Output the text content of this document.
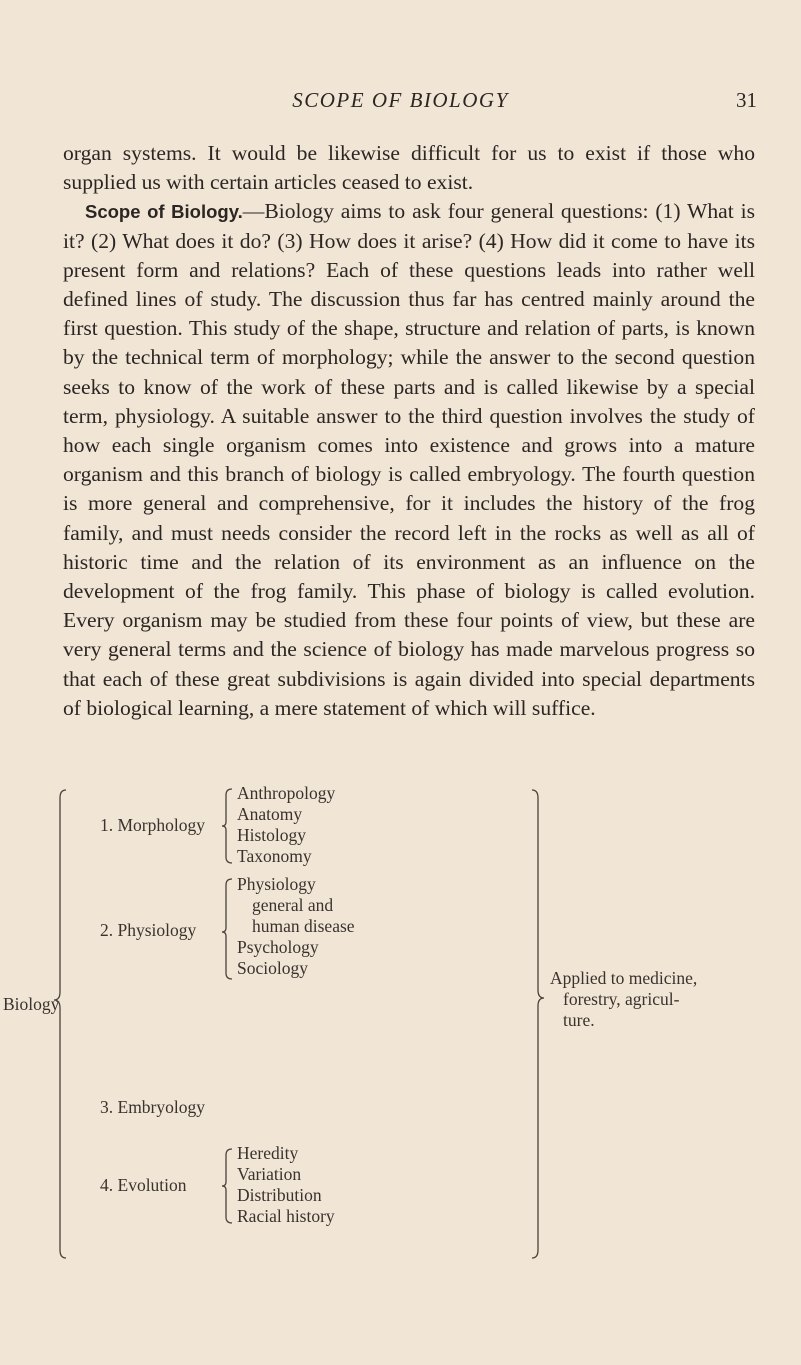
SCOPE OF BIOLOGY	31

organ systems. It would be likewise difficult for us to exist if those who supplied us with certain articles ceased to exist.

Scope of Biology.—Biology aims to ask four general questions: (1) What is it? (2) What does it do? (3) How does it arise? (4) How did it come to have its present form and relations? Each of these questions leads into rather well defined lines of study. The discussion thus far has centred mainly around the first question. This study of the shape, structure and relation of parts, is known by the technical term of morphology; while the answer to the second question seeks to know of the work of these parts and is called likewise by a special term, physiology. A suitable answer to the third question involves the study of how each single organism comes into existence and grows into a mature organism and this branch of biology is called embryology. The fourth question is more general and comprehensive, for it includes the history of the frog family, and must needs consider the record left in the rocks as well as all of historic time and the relation of its environment as an influence on the development of the frog family. This phase of biology is called evolution. Every organism may be studied from these four points of view, but these are very general terms and the science of biology has made marvelous progress so that each of these great subdivisions is again divided into special departments of biological learning, a mere statement of which will suffice.

Biology
1. Morphology
Anthropology
Anatomy
Histology
Taxonomy
2. Physiology
Physiology
general and
human disease
Psychology
Sociology
3. Embryology
4. Evolution
Heredity
Variation
Distribution
Racial history
Applied to medicine,
forestry, agricul-
ture.
